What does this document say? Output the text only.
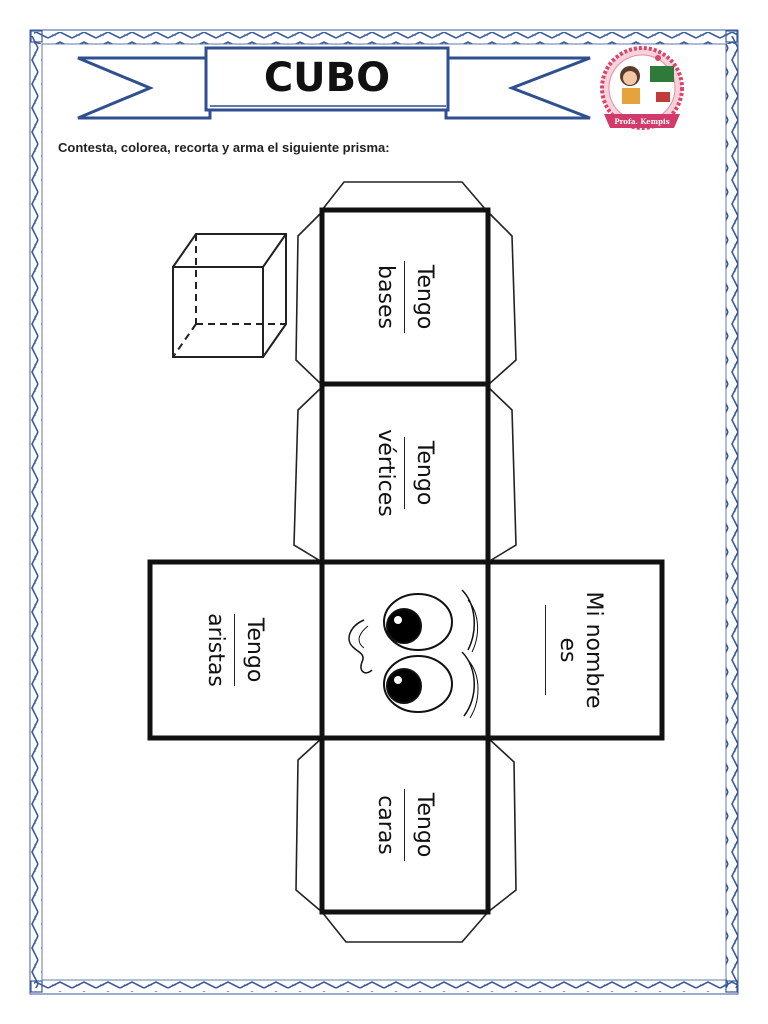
CUBO
Profa. Kempis
Contesta, colorea, recorta y arma el siguiente prisma:
Tengo
bases
Tengo
vértices
Tengo
aristas	Mi nombre
es
Tengo
caras
